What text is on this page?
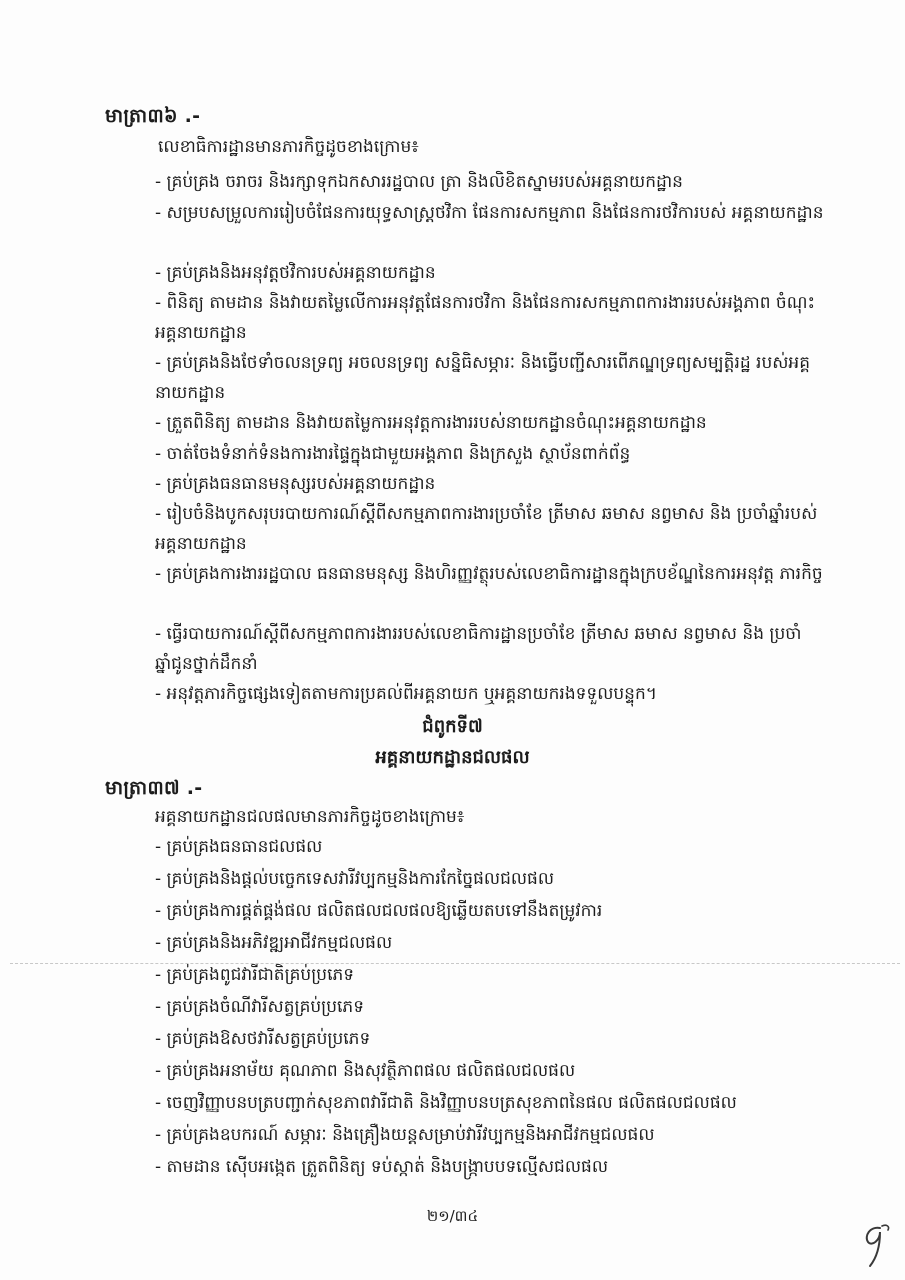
មាត្រា៣៦ .-
លេខាធិការដ្ឋានមានភារកិច្ចដូចខាងក្រោម៖
- គ្រប់គ្រង ចរាចរ និងរក្សាទុកឯកសាររដ្ឋបាល ត្រា និងលិខិតស្នាមរបស់អគ្គនាយកដ្ឋាន
- សម្របសម្រួលការរៀបចំផែនការយុទ្ធសាស្ត្រថវិកា ផែនការសកម្មភាព និងផែនការថវិការបស់ អគ្គនាយកដ្ឋាន
- គ្រប់គ្រងនិងអនុវត្តថវិការបស់អគ្គនាយកដ្ឋាន
- ពិនិត្យ តាមដាន និងវាយតម្លៃលើការអនុវត្តផែនការថវិកា និងផែនការសកម្មភាពការងាររបស់អង្គភាព ចំណុះអគ្គនាយកដ្ឋាន
- គ្រប់គ្រងនិងថែទាំចលនទ្រព្យ អចលនទ្រព្យ សន្និធិសម្ភារៈ និងធ្វើបញ្ជីសារពើភណ្ឌទ្រព្យសម្បត្តិរដ្ឋ របស់អគ្គនាយកដ្ឋាន
- ត្រួតពិនិត្យ តាមដាន និងវាយតម្លៃការអនុវត្តការងាររបស់នាយកដ្ឋានចំណុះអគ្គនាយកដ្ឋាន
- ចាត់ចែងទំនាក់ទំនងការងារផ្ទៃក្នុងជាមួយអង្គភាព និងក្រសួង ស្ថាប័នពាក់ព័ន្ធ
- គ្រប់គ្រងធនធានមនុស្សរបស់អគ្គនាយកដ្ឋាន
- រៀបចំនិងបូកសរុបរបាយការណ៍ស្តីពីសកម្មភាពការងារប្រចាំខែ ត្រីមាស ឆមាស នព្វមាស និង ប្រចាំឆ្នាំរបស់អគ្គនាយកដ្ឋាន
- គ្រប់គ្រងការងាររដ្ឋបាល ធនធានមនុស្ស និងហិរញ្ញវត្ថុរបស់លេខាធិការដ្ឋានក្នុងក្របខ័ណ្ឌនៃការអនុវត្ត ភារកិច្ច
- ធ្វើរបាយការណ៍ស្តីពីសកម្មភាពការងាររបស់លេខាធិការដ្ឋានប្រចាំខែ ត្រីមាស ឆមាស នព្វមាស និង ប្រចាំឆ្នាំជូនថ្នាក់ដឹកនាំ
- អនុវត្តភារកិច្ចផ្សេងទៀតតាមការប្រគល់ពីអគ្គនាយក ឬអគ្គនាយករងទទួលបន្ទុក។
ជំពូកទី៧
អគ្គនាយកដ្ឋានជលផល
មាត្រា៣៧ .-
អគ្គនាយកដ្ឋានជលផលមានភារកិច្ចដូចខាងក្រោម៖
- គ្រប់គ្រងធនធានជលផល
- គ្រប់គ្រងនិងផ្តល់បច្ចេកទេសវារីវប្បកម្មនិងការកែច្នៃផលជលផល
- គ្រប់គ្រងការផ្គត់ផ្គង់ផល ផលិតផលជលផលឱ្យឆ្លើយតបទៅនឹងតម្រូវការ
- គ្រប់គ្រងនិងអភិវឌ្ឍអាជីវកម្មជលផល
- គ្រប់គ្រងពូជវារីជាតិគ្រប់ប្រភេទ
- គ្រប់គ្រងចំណីវារីសត្វគ្រប់ប្រភេទ
- គ្រប់គ្រងឱសថវារីសត្វគ្រប់ប្រភេទ
- គ្រប់គ្រងអនាម័យ គុណភាព និងសុវត្ថិភាពផល ផលិតផលជលផល
- ចេញវិញ្ញាបនបត្របញ្ជាក់សុខភាពវារីជាតិ និងវិញ្ញាបនបត្រសុខភាពនៃផល ផលិតផលជលផល
- គ្រប់គ្រងឧបករណ៍ សម្ភារៈ និងគ្រឿងយន្តសម្រាប់វារីវប្បកម្មនិងអាជីវកម្មជលផល
- តាមដាន ស៊ើបអង្កេត ត្រួតពិនិត្យ ទប់ស្កាត់ និងបង្ក្រាបបទល្មើសជលផល
២១/៣៤
